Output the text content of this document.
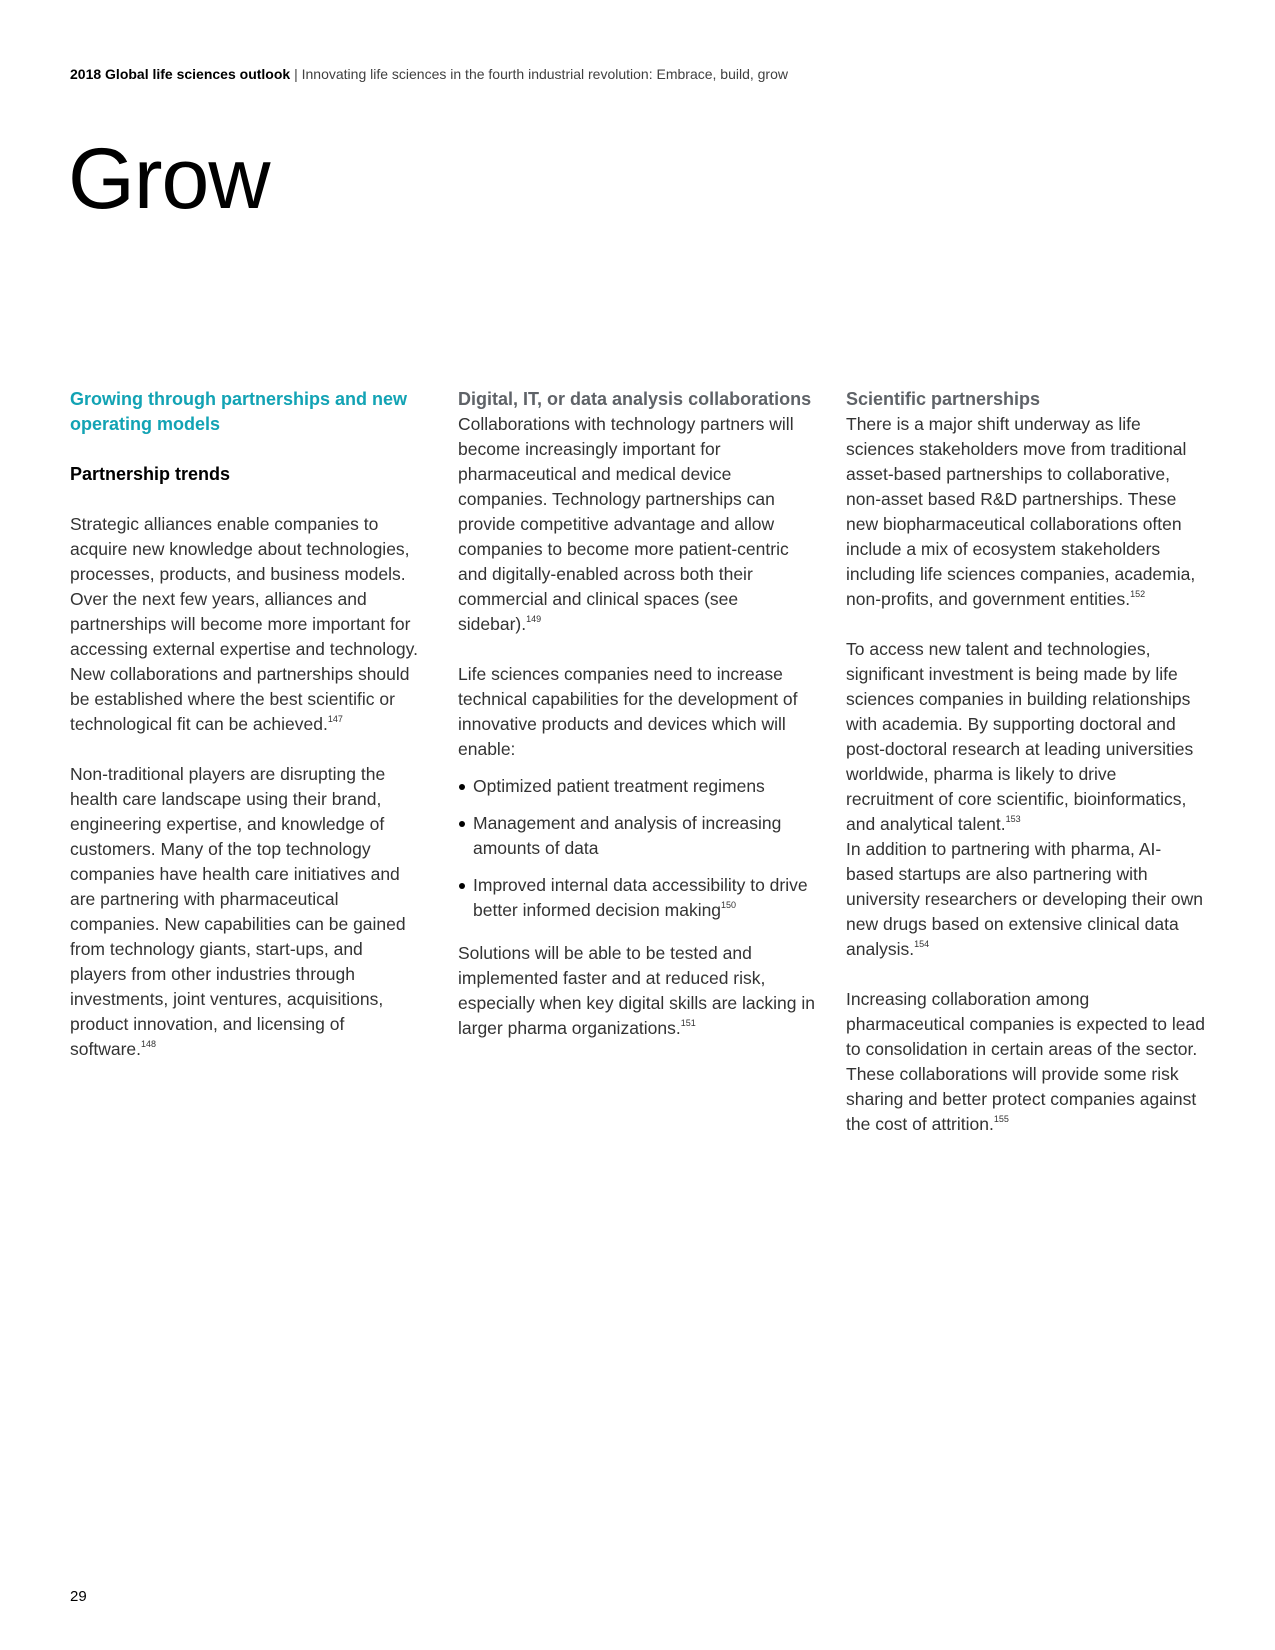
2018 Global life sciences outlook | Innovating life sciences in the fourth industrial revolution: Embrace, build, grow
Grow

Growing through partnerships and new operating models

Partnership trends

Strategic alliances enable companies to acquire new knowledge about technologies, processes, products, and business models. Over the next few years, alliances and partnerships will become more important for accessing external expertise and technology. New collaborations and partnerships should be established where the best scientific or technological fit can be achieved.$^{147}$

Non-traditional players are disrupting the health care landscape using their brand, engineering expertise, and knowledge of customers. Many of the top technology companies have health care initiatives and are partnering with pharmaceutical companies. New capabilities can be gained from technology giants, start-ups, and players from other industries through investments, joint ventures, acquisitions, product innovation, and licensing of software.$^{148}$

Digital, IT, or data analysis collaborations

Collaborations with technology partners will become increasingly important for pharmaceutical and medical device companies. Technology partnerships can provide competitive advantage and allow companies to become more patient-centric and digitally-enabled across both their commercial and clinical spaces (see sidebar).$^{149}$

Life sciences companies need to increase technical capabilities for the development of innovative products and devices which will enable:

Optimized patient treatment regimens
Management and analysis of increasing amounts of data
Improved internal data accessibility to drive better informed decision making$^{150}$

Solutions will be able to be tested and implemented faster and at reduced risk, especially when key digital skills are lacking in larger pharma organizations.$^{151}$

Scientific partnerships

There is a major shift underway as life sciences stakeholders move from traditional asset-based partnerships to collaborative, non-asset based R&D partnerships. These new biopharmaceutical collaborations often include a mix of ecosystem stakeholders including life sciences companies, academia, non-profits, and government entities.$^{152}$

To access new talent and technologies, significant investment is being made by life sciences companies in building relationships with academia. By supporting doctoral and post-doctoral research at leading universities worldwide, pharma is likely to drive recruitment of core scientific, bioinformatics, and analytical talent.$^{153}$

In addition to partnering with pharma, AI-based startups are also partnering with university researchers or developing their own new drugs based on extensive clinical data analysis.$^{154}$

Increasing collaboration among pharmaceutical companies is expected to lead to consolidation in certain areas of the sector. These collaborations will provide some risk sharing and better protect companies against the cost of attrition.$^{155}$

29
